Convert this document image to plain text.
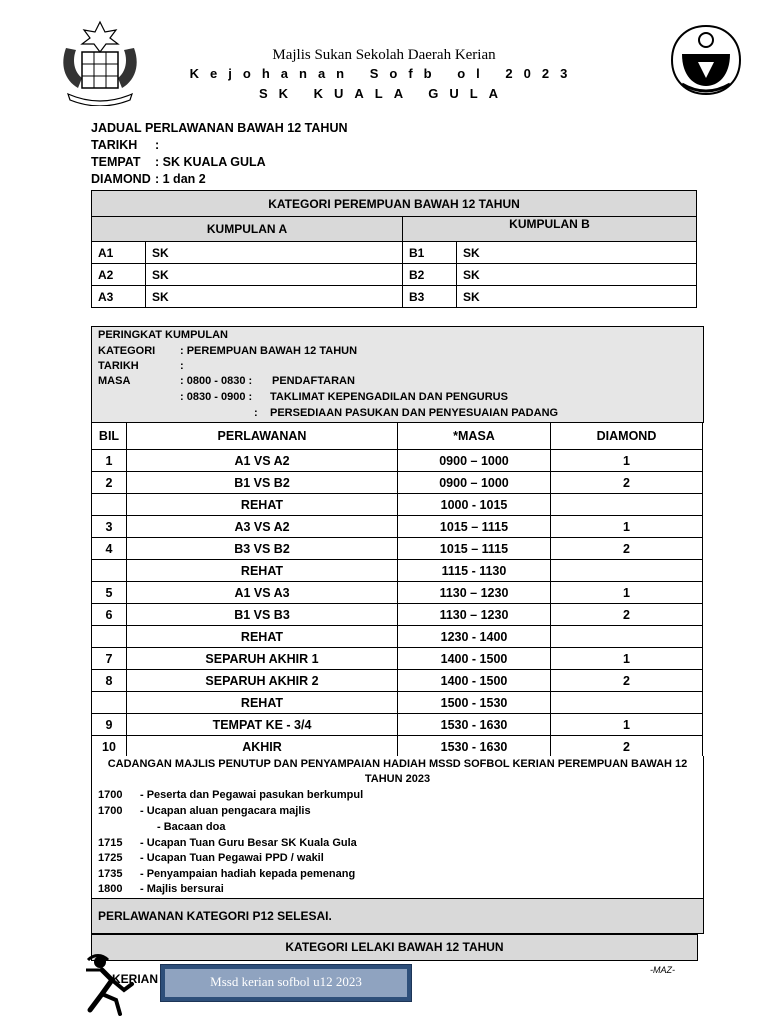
Majlis Sukan Sekolah Daerah Kerian
Kejohanan Sofb ol 2023
SK KUALA GULA
JADUAL PERLAWANAN BAWAH 12 TAHUN
TARIKH :
TEMPAT : SK KUALA GULA
DIAMOND : 1 dan 2
KATEGORI PEREMPUAN BAWAH 12 TAHUN			
KUMPULAN A		KUMPULAN B	
A1	SK	B1	SK
A2	SK	B2	SK
A3	SK	B3	SK
PERINGKAT KUMPULAN
KATEGORI : PEREMPUAN BAWAH 12 TAHUN
TARIKH	:
MASA	: 0800 - 0830 : PENDAFTARAN
: 0830 - 0900 : TAKLIMAT KEPENGADILAN DAN PENGURUS
: PERSEDIAAN PASUKAN DAN PENYESUAIAN PADANG
BIL	PERLAWANAN	*MASA	DIAMOND
1	A1 VS A2	0900 – 1000	1
2	B1 VS B2	0900 – 1000	2
	REHAT	1000 - 1015	
3	A3 VS A2	1015 – 1115	1
4	B3 VS B2	1015 – 1115	2
	REHAT	1115 - 1130	
5	A1 VS A3	1130 – 1230	1
6	B1 VS B3	1130 – 1230	2
	REHAT	1230 - 1400	
7	SEPARUH AKHIR 1	1400 - 1500	1
8	SEPARUH AKHIR 2	1400 - 1500	2
	REHAT	1500 - 1530	
9	TEMPAT KE - 3/4	1530 - 1630	1
10	AKHIR	1530 - 1630	2
CADANGAN MAJLIS PENUTUP DAN PENYAMPAIAN HADIAH MSSD SOFBOL KERIAN PEREMPUAN BAWAH 12
TAHUN 2023
1700 - Peserta dan Pegawai pasukan berkumpul
1700 - Ucapan aluan pengacara majlis
- Bacaan doa
1715 - Ucapan Tuan Guru Besar SK Kuala Gula
1725 - Ucapan Tuan Pegawai PPD / wakil
1735 - Penyampaian hadiah kepada pemenang
1800 - Majlis bersurai
PERLAWANAN KATEGORI P12 SELESAI.
KATEGORI LELAKI BAWAH 12 TAHUN
KERIAN	Mssd kerian sofbol u12 2023
-MAZ-
